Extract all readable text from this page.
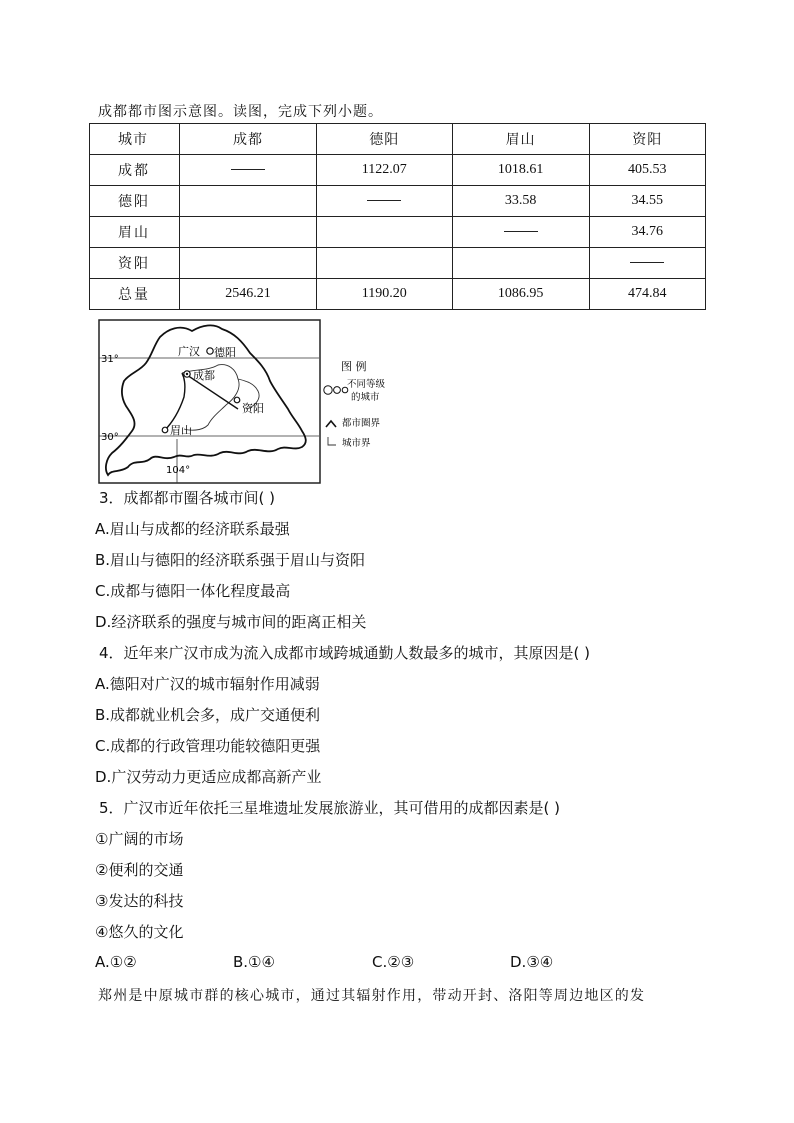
成都都市图示意图。读图，完成下列小题。
城市	成都	德阳	眉山	资阳
成都		1122.07	1018.61	405.53
德阳			33.58	34.55
眉山				34.76
资阳				
总量	2546.21	1190.20	1086.95	474.84
31°
30°
104°
广汉 德阳
成都
资阳
眉山
图 例
不同等级
的城市
都市圈界
城市界
3．成都都市圈各城市间( )
A.眉山与成都的经济联系最强
B.眉山与德阳的经济联系强于眉山与资阳
C.成都与德阳一体化程度最高
D.经济联系的强度与城市间的距离正相关
4．近年来广汉市成为流入成都市域跨城通勤人数最多的城市，其原因是( )
A.德阳对广汉的城市辐射作用减弱
B.成都就业机会多，成广交通便利
C.成都的行政管理功能较德阳更强
D.广汉劳动力更适应成都高新产业
5．广汉市近年依托三星堆遗址发展旅游业，其可借用的成都因素是( )
①广阔的市场
②便利的交通
③发达的科技
④悠久的文化
A.①②	B.①④	C.②③	D.③④
郑州是中原城市群的核心城市，通过其辐射作用，带动开封、洛阳等周边地区的发
